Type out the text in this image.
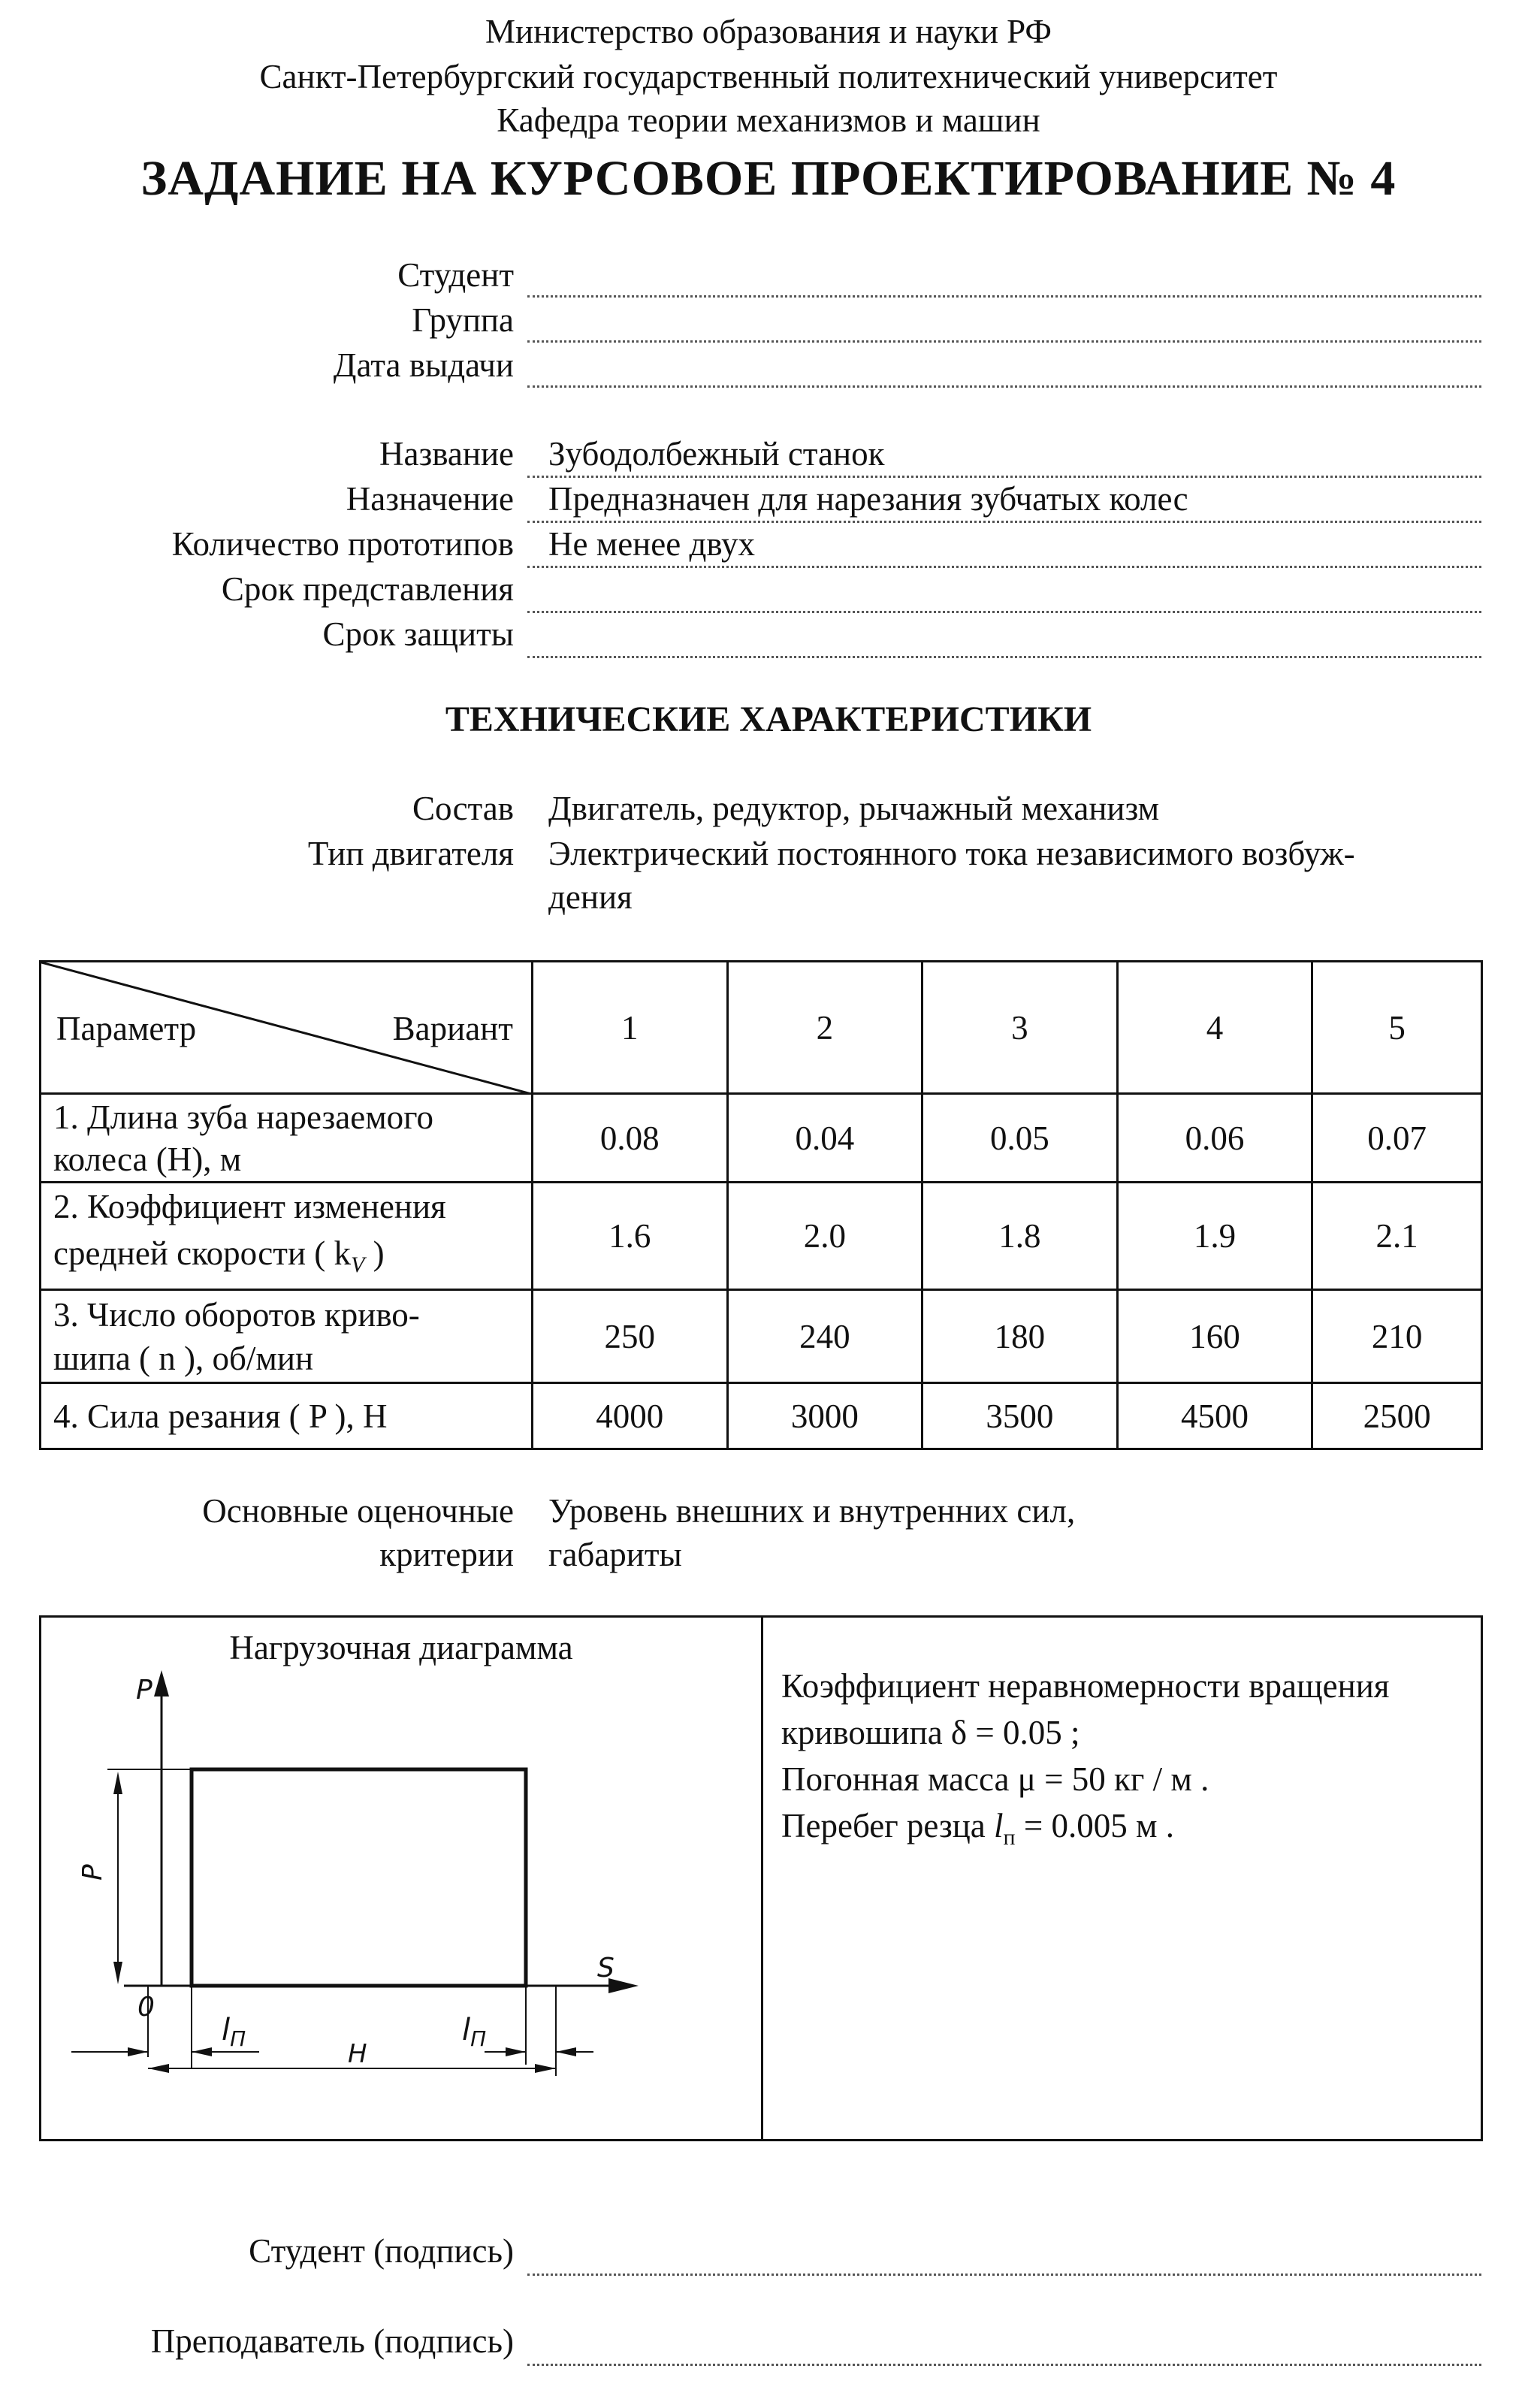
Министерство образования и науки РФ
Санкт-Петербургский государственный политехнический университет
Кафедра теории механизмов и машин
ЗАДАНИЕ НА КУРСОВОЕ ПРОЕКТИРОВАНИЕ № 4
Студент
Группа
Дата выдачи
Название Зубодолбежный станок
Назначение Предназначен для нарезания зубчатых колес
Количество прототипов Не менее двух
Срок представления
Срок защиты
ТЕХНИЧЕСКИЕ ХАРАКТЕРИСТИКИ
Состав Двигатель, редуктор, рычажный механизм
Тип двигателя Электрический постоянного тока независимого возбуж-
дения
Параметр Вариант	1	2	3	4	5

1. Длина зуба нарезаемого
колеса (H), м	0.08	0.04	0.05	0.06	0.07

2. Коэффициент изменения
средней скорости ( $k_V$ )	1.6	2.0	1.8	1.9	2.1

3. Число оборотов криво-
шипа ( n ), об/мин	250	240	180	160	210
4. Сила резания ( P ), Н	4000	3000	3500	4500	2500
Основные оценочные
критерии
Уровень внешних и внутренних сил,
габариты
Нагрузочная диаграмма
P
S
0
P
H
$l_П$	$l_П$
Коэффициент неравномерности вращения
кривошипа δ = 0.05 ;
Погонная масса μ = 50 кг / м .
Перебег резца $l_п = 0.005$ м .
Студент (подпись)
Преподаватель (подпись)
